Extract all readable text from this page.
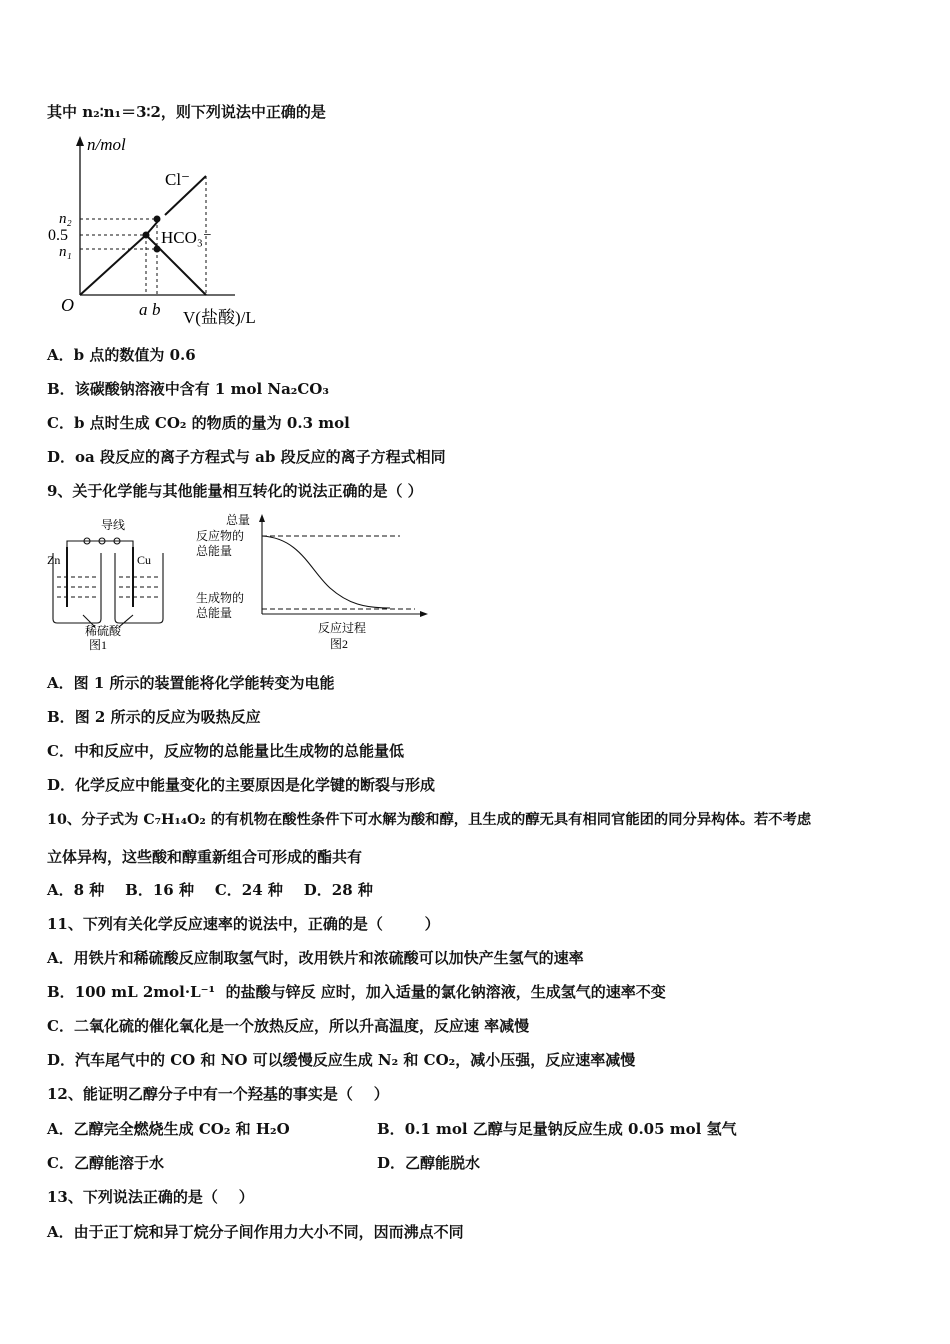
其中 n₂∶n₁＝3∶2，则下列说法中正确的是
n/mol
O
n₂
0.5
n₁
a b V(盐酸)/L
Cl⁻
HCO₃⁻
A．b 点的数值为 0.6
B．该碳酸钠溶液中含有 1 mol Na₂CO₃
C．b 点时生成 CO₂ 的物质的量为 0.3 mol
D．oa 段反应的离子方程式与 ab 段反应的离子方程式相同
9、关于化学能与其他能量相互转化的说法正确的是（ ）
导线
Zn	Cu
稀硫酸
图1
总量
反应物的
总能量
生成物的
总能量
反应过程
图2
A．图 1 所示的装置能将化学能转变为电能
B．图 2 所示的反应为吸热反应
C．中和反应中，反应物的总能量比生成物的总能量低
D．化学反应中能量变化的主要原因是化学键的断裂与形成
10、分子式为 C₇H₁₄O₂ 的有机物在酸性条件下可水解为酸和醇，且生成的醇无具有相同官能团的同分异构体。若不考虑
立体异构，这些酸和醇重新组合可形成的酯共有
A．8 种    B．16 种    C．24 种    D．28 种
11、下列有关化学反应速率的说法中，正确的是（        ）
A．用铁片和稀硫酸反应制取氢气时，改用铁片和浓硫酸可以加快产生氢气的速率
B．100 mL 2mol·L⁻¹  的盐酸与锌反 应时，加入适量的氯化钠溶液，生成氢气的速率不变
C．二氧化硫的催化氧化是一个放热反应，所以升高温度，反应速 率减慢
D．汽车尾气中的 CO 和 NO 可以缓慢反应生成 N₂ 和 CO₂，减小压强，反应速率减慢
12、能证明乙醇分子中有一个羟基的事实是（    ）
A．乙醇完全燃烧生成 CO₂ 和 H₂O	B．0.1 mol 乙醇与足量钠反应生成 0.05 mol 氢气
C．乙醇能溶于水	D．乙醇能脱水
13、下列说法正确的是（    ）
A．由于正丁烷和异丁烷分子间作用力大小不同，因而沸点不同
